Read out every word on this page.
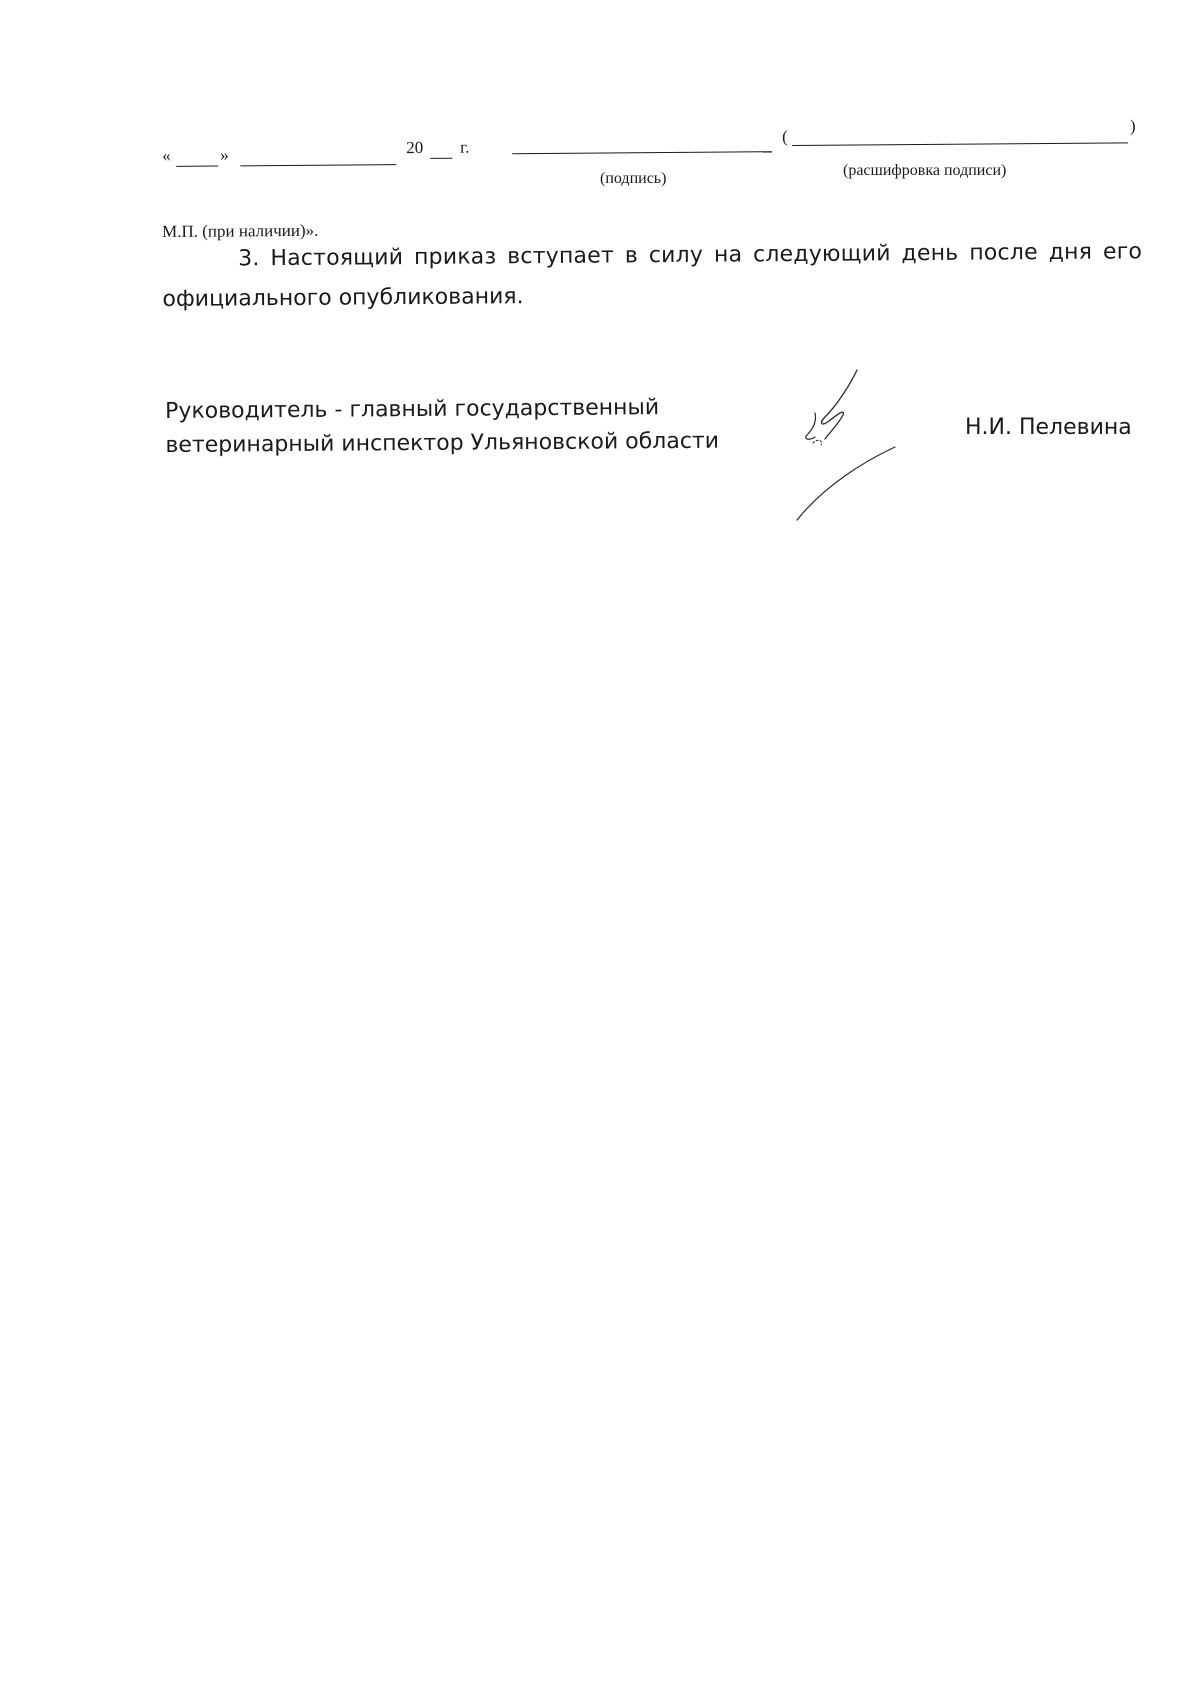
«	»	20 г.
(
)
(подпись)	(расшифровка подписи)
М.П. (при наличии)».
3. Настоящий приказ вступает в силу на следующий день после дня его
официального опубликования.
Руководитель - главный государственный
ветеринарный инспектор Ульяновской области
Н.И. Пелевина
